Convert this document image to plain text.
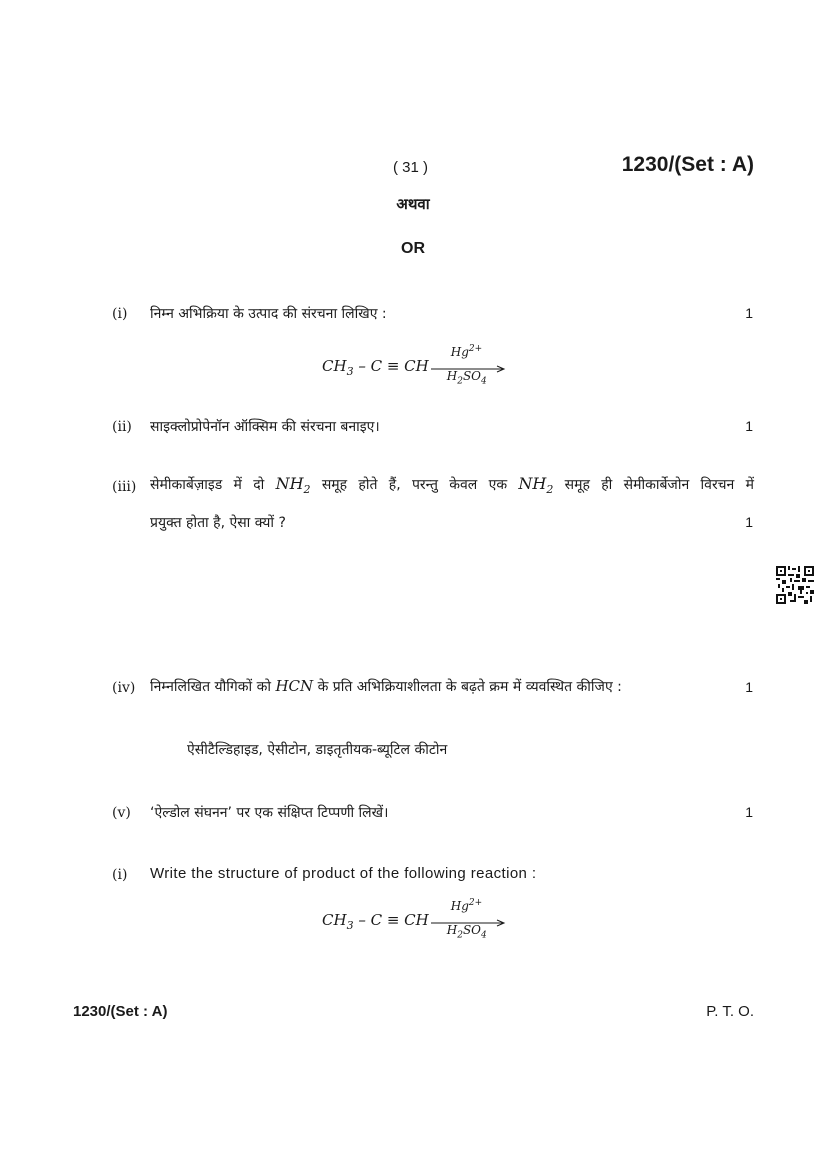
( 31 )	1230/(Set : A)
अथवा
OR
(i) निम्न अभिक्रिया के उत्पाद की संरचना लिखिए :	1
$CH_3$ – C ≡ CH
$Hg^{2+}$
$H_2SO_4$
(ii) साइक्लोप्रोपेनॉन ऑक्सिम की संरचना बनाइए।	1
(iii) सेमीकार्बेज़ाइड में दो $NH_2$ समूह होते हैं, परन्तु केवल एक $NH_2$ समूह ही सेमीकार्बेजोन विरचन में
प्रयुक्त होता है, ऐसा क्यों ?	1
(iv) निम्नलिखित यौगिकों को HCN के प्रति अभिक्रियाशीलता के बढ़ते क्रम में व्यवस्थित कीजिए :	1
ऐसीटैल्डिहाइड, ऐसीटोन, डाइतृतीयक-ब्यूटिल कीटोन
(v) ‘ऐल्डोल संघनन’ पर एक संक्षिप्त टिप्पणी लिखें।	1
(i) Write the structure of product of the following reaction :
$CH_3$ – C ≡ CH
$Hg^{2+}$
$H_2SO_4$
1230/(Set : A)	P. T. O.
